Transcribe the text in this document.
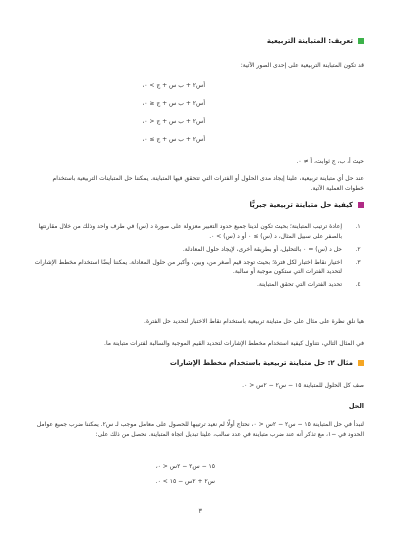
تعريف: المتباينة التربيعية

قد تكون المتباينة التربيعية على إحدى الصور الآتية:

أس٢ + ب س + ج > ٠،

أس٢ + ب س + ج ≤ ٠،

أس٢ + ب س + ج < ٠،

أس٢ + ب س + ج ≥ ٠،

حيث أ، ب، ج ثوابت، أ ≠ ٠.

عند حل أي متباينة تربيعية، علينا إيجاد مدى الحلول أو الفترات التي تتحقق فيها المتباينة. يمكننا حل المتباينات التربيعية باستخدام خطوات العملية الآتية.

كيفية حل متباينة تربيعية جبريًّا
١.
إعادة ترتيب المتباينة؛ بحيث تكون لدينا جميع حدود التعبير معزولة على صورة د (س) في طرف واحد وذلك من خلال مقارنتها بالصفر على سبيل المثال، د (س) ≥ ٠ أو د (س) > ٠.
٢.
حل د (س) = ٠ بالتحليل، أو بطريقة أخرى، لإيجاد حلول المعادلة.
٣.
اختيار نقاط اختبار لكل فترة؛ بحيث توجد قيم أصغر من، وبين، وأكبر من حلول المعادلة. يمكننا أيضًا استخدام مخطط الإشارات لتحديد الفترات التي ستكون موجبة أو سالبة.
٤.
تحديد الفترات التي تحقق المتباينة.

هيا نلق نظرة على مثال على حل متباينة تربيعية باستخدام نقاط الاختبار لتحديد حل الفترة.

في المثال التالي، نتناول كيفية استخدام مخطط الإشارات لتحديد القيم الموجبة والسالبة لفترات متباينة ما.

مثال ٢: حل متباينة تربيعية باستخدام مخطط الإشارات

صف كل الحلول للمتباينة ١٥ − س٢ − ٢س < ٠.

الحل

لنبدأ في حل المتباينة ١٥ − س٢ − ٢س < ٠، نحتاج أولًا لم نعيد ترتيبها للحصول على معامل موجب لـ س٢. يمكننا ضرب جميع عوامل الحدود في −١، مع تذكر أنه عند ضرب متباينة في عدد سالب، علينا تبديل اتجاه المتباينة. نحصل من ذلك على:

١٥ − س٢ − ٢س < ٠،

س٢ + ٢س − ١٥ > ٠.

٣
